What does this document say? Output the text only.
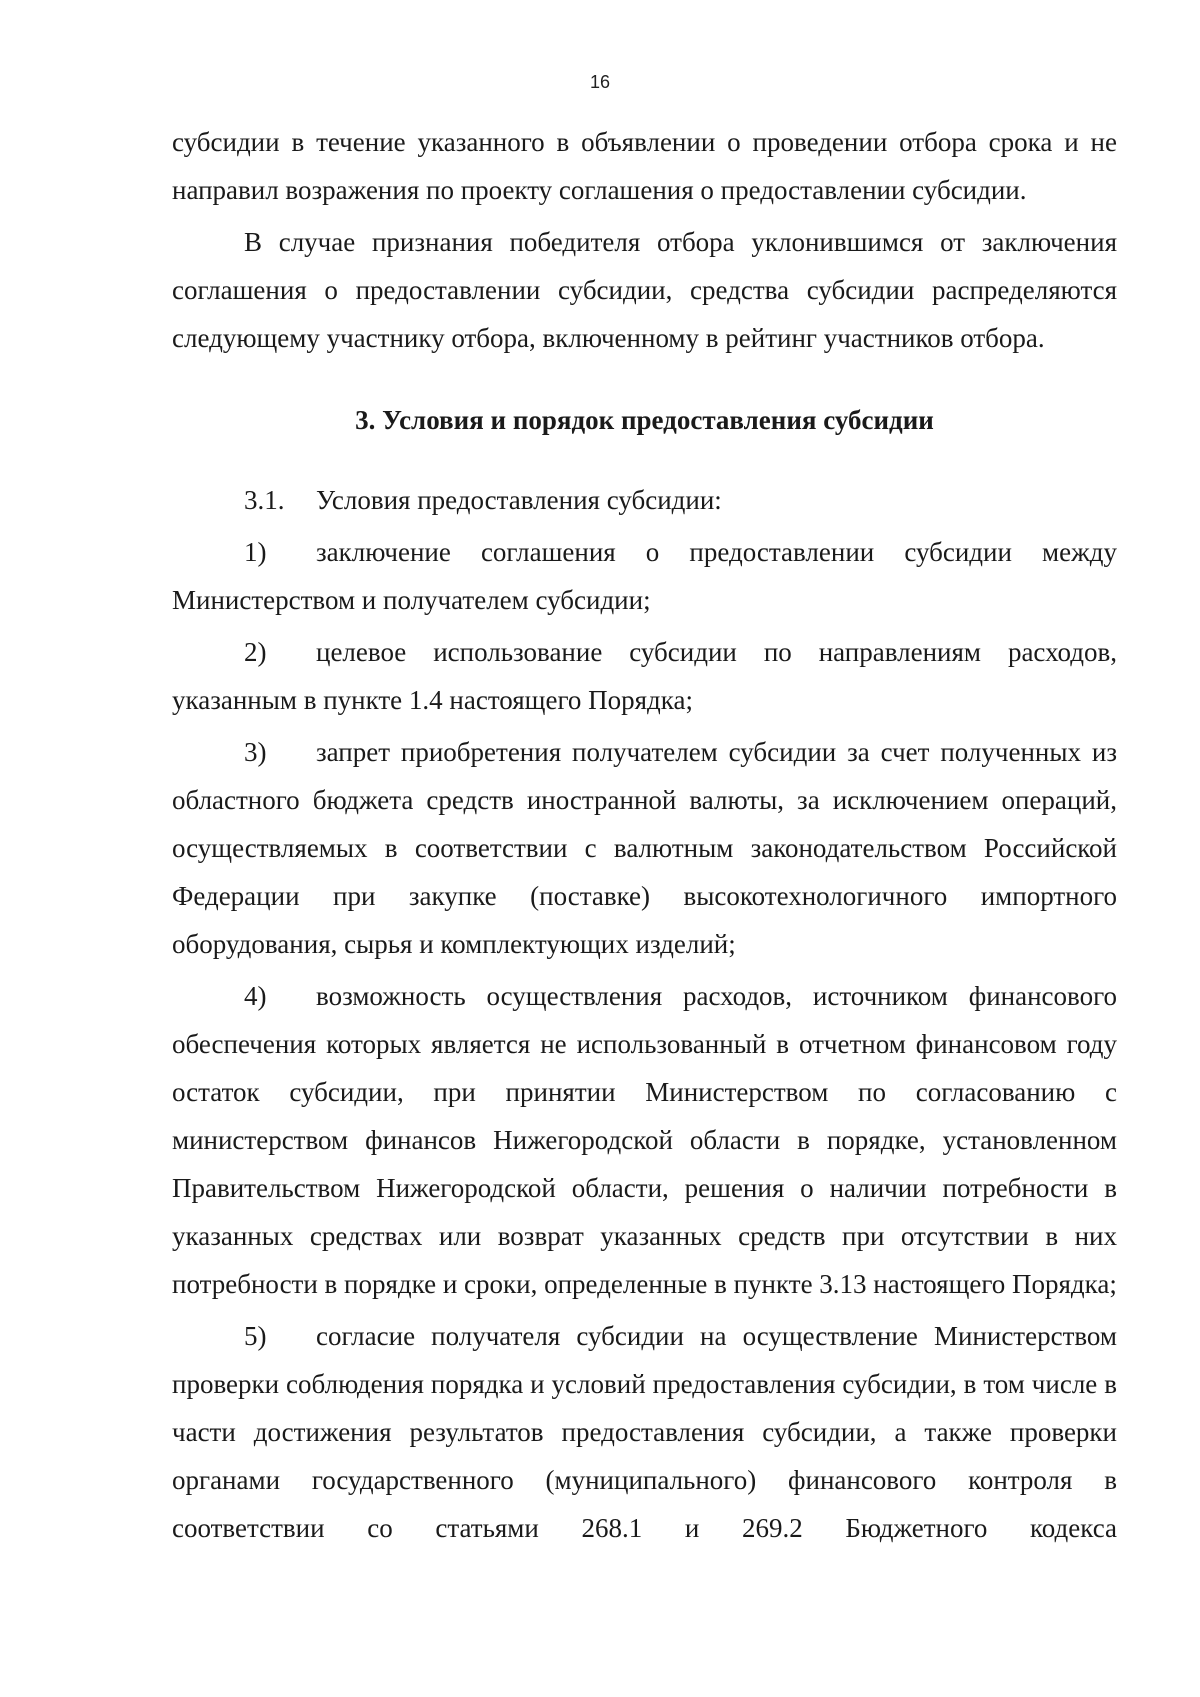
16

субсидии в течение указанного в объявлении о проведении отбора срока и не направил возражения по проекту соглашения о предоставлении субсидии.

В случае признания победителя отбора уклонившимся от заключения соглашения о предоставлении субсидии, средства субсидии распределяются следующему участнику отбора, включенному в рейтинг участников отбора.

3. Условия и порядок предоставления субсидии

3.1. Условия предоставления субсидии:

1) заключение соглашения о предоставлении субсидии между Министерством и получателем субсидии;

2) целевое использование субсидии по направлениям расходов, указанным в пункте 1.4 настоящего Порядка;

3) запрет приобретения получателем субсидии за счет полученных из областного бюджета средств иностранной валюты, за исключением операций, осуществляемых в соответствии с валютным законодательством Российской Федерации при закупке (поставке) высокотехнологичного импортного оборудования, сырья и комплектующих изделий;

4) возможность осуществления расходов, источником финансового обеспечения которых является не использованный в отчетном финансовом году остаток субсидии, при принятии Министерством по согласованию с министерством финансов Нижегородской области в порядке, установленном Правительством Нижегородской области, решения о наличии потребности в указанных средствах или возврат указанных средств при отсутствии в них потребности в порядке и сроки, определенные в пункте 3.13 настоящего Порядка;

5) согласие получателя субсидии на осуществление Министерством проверки соблюдения порядка и условий предоставления субсидии, в том числе в части достижения результатов предоставления субсидии, а также проверки органами государственного (муниципального) финансового контроля в соответствии со статьями 268.1 и 269.2 Бюджетного кодекса
